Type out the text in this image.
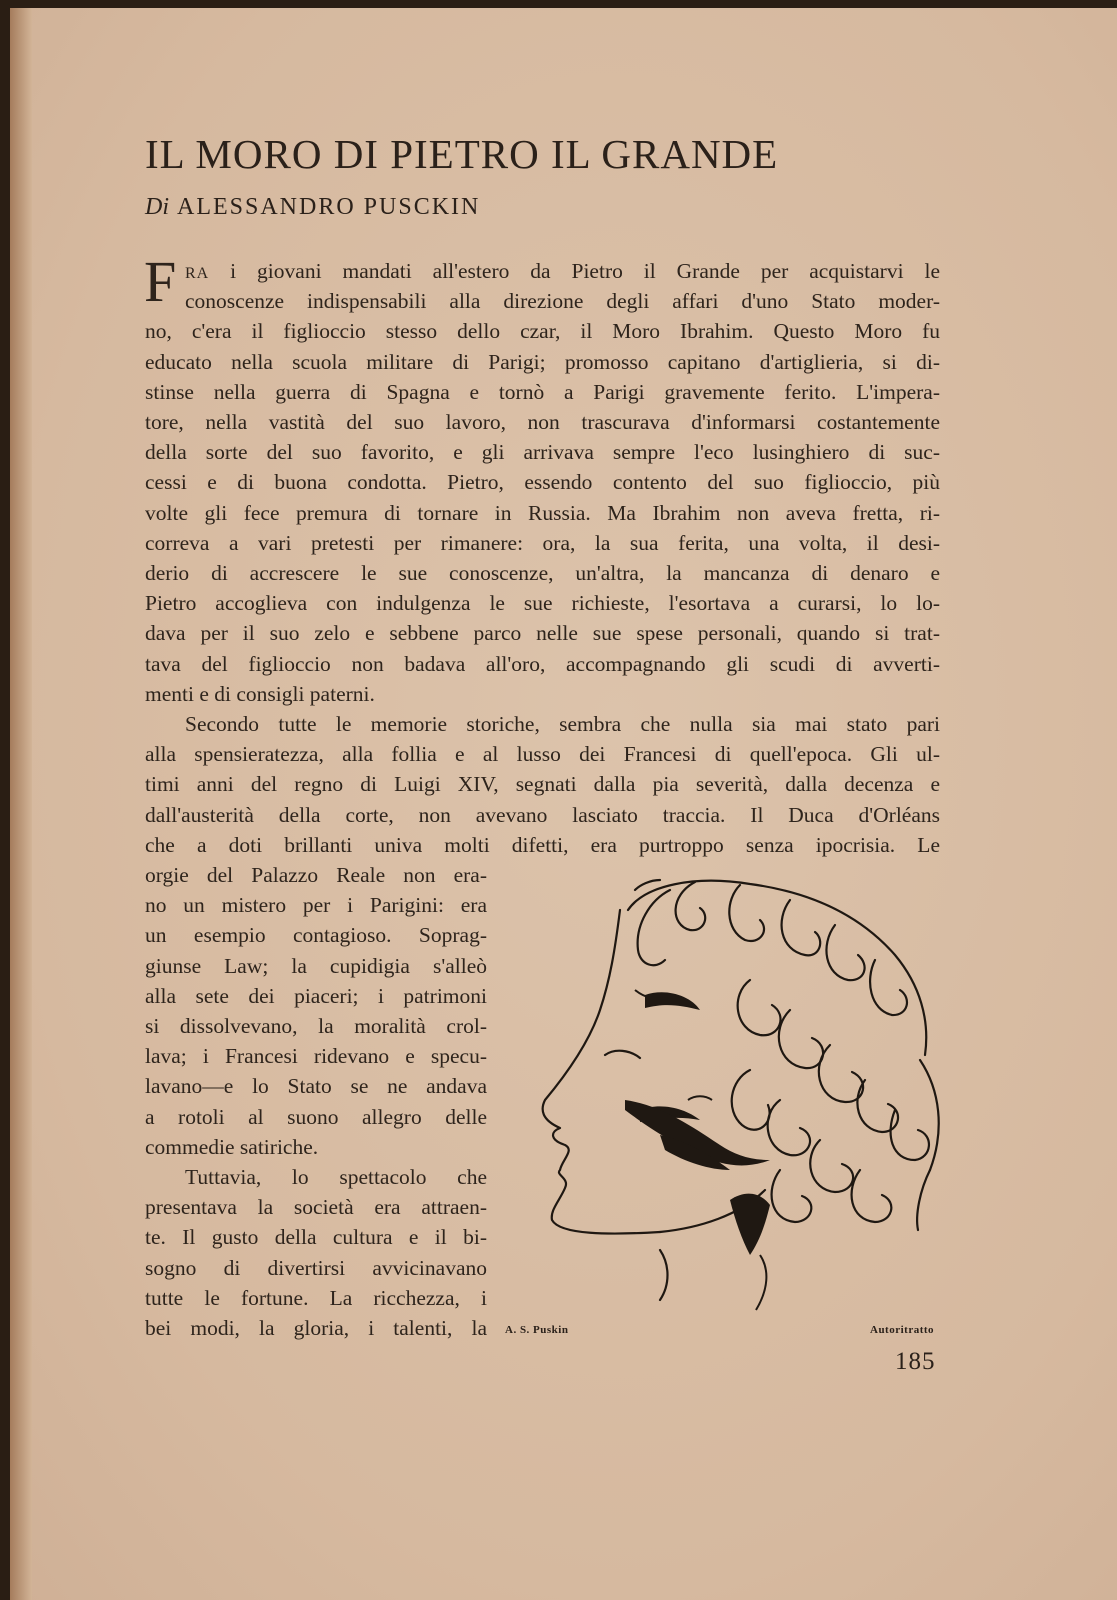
IL MORO DI PIETRO IL GRANDE
Di ALESSANDRO PUSCKIN
F RA i giovani mandati all'estero da Pietro il Grande per acquistarvi le
conoscenze indispensabili alla direzione degli affari d'uno Stato moder-
no, c'era il figlioccio stesso dello czar, il Moro Ibrahim. Questo Moro fu
educato nella scuola militare di Parigi; promosso capitano d'artiglieria, si di-
stinse nella guerra di Spagna e tornò a Parigi gravemente ferito. L'impera-
tore, nella vastità del suo lavoro, non trascurava d'informarsi costantemente
della sorte del suo favorito, e gli arrivava sempre l'eco lusinghiero di suc-
cessi e di buona condotta. Pietro, essendo contento del suo figlioccio, più
volte gli fece premura di tornare in Russia. Ma Ibrahim non aveva fretta, ri-
correva a vari pretesti per rimanere: ora, la sua ferita, una volta, il desi-
derio di accrescere le sue conoscenze, un'altra, la mancanza di denaro e
Pietro accoglieva con indulgenza le sue richieste, l'esortava a curarsi, lo lo-
dava per il suo zelo e sebbene parco nelle sue spese personali, quando si trat-
tava del figlioccio non badava all'oro, accompagnando gli scudi di avverti-
menti e di consigli paterni.
Secondo tutte le memorie storiche, sembra che nulla sia mai stato pari
alla spensieratezza, alla follia e al lusso dei Francesi di quell'epoca. Gli ul-
timi anni del regno di Luigi XIV, segnati dalla pia severità, dalla decenza e
dall'austerità della corte, non avevano lasciato traccia. Il Duca d'Orléans
che a doti brillanti univa molti difetti, era purtroppo senza ipocrisia. Le
orgie del Palazzo Reale non era-
no un mistero per i Parigini: era
un esempio contagioso. Soprag-
giunse Law; la cupidigia s'alleò
alla sete dei piaceri; i patrimoni
si dissolvevano, la moralità crol-
lava; i Francesi ridevano e specu-
lavano—e lo Stato se ne andava
a rotoli al suono allegro delle
commedie satiriche.
Tuttavia, lo spettacolo che
presentava la società era attraen-
te. Il gusto della cultura e il bi-
sogno di divertirsi avvicinavano
tutte le fortune. La ricchezza, i
bei modi, la gloria, i talenti, la A. S. Puskin	Autoritratto
185
